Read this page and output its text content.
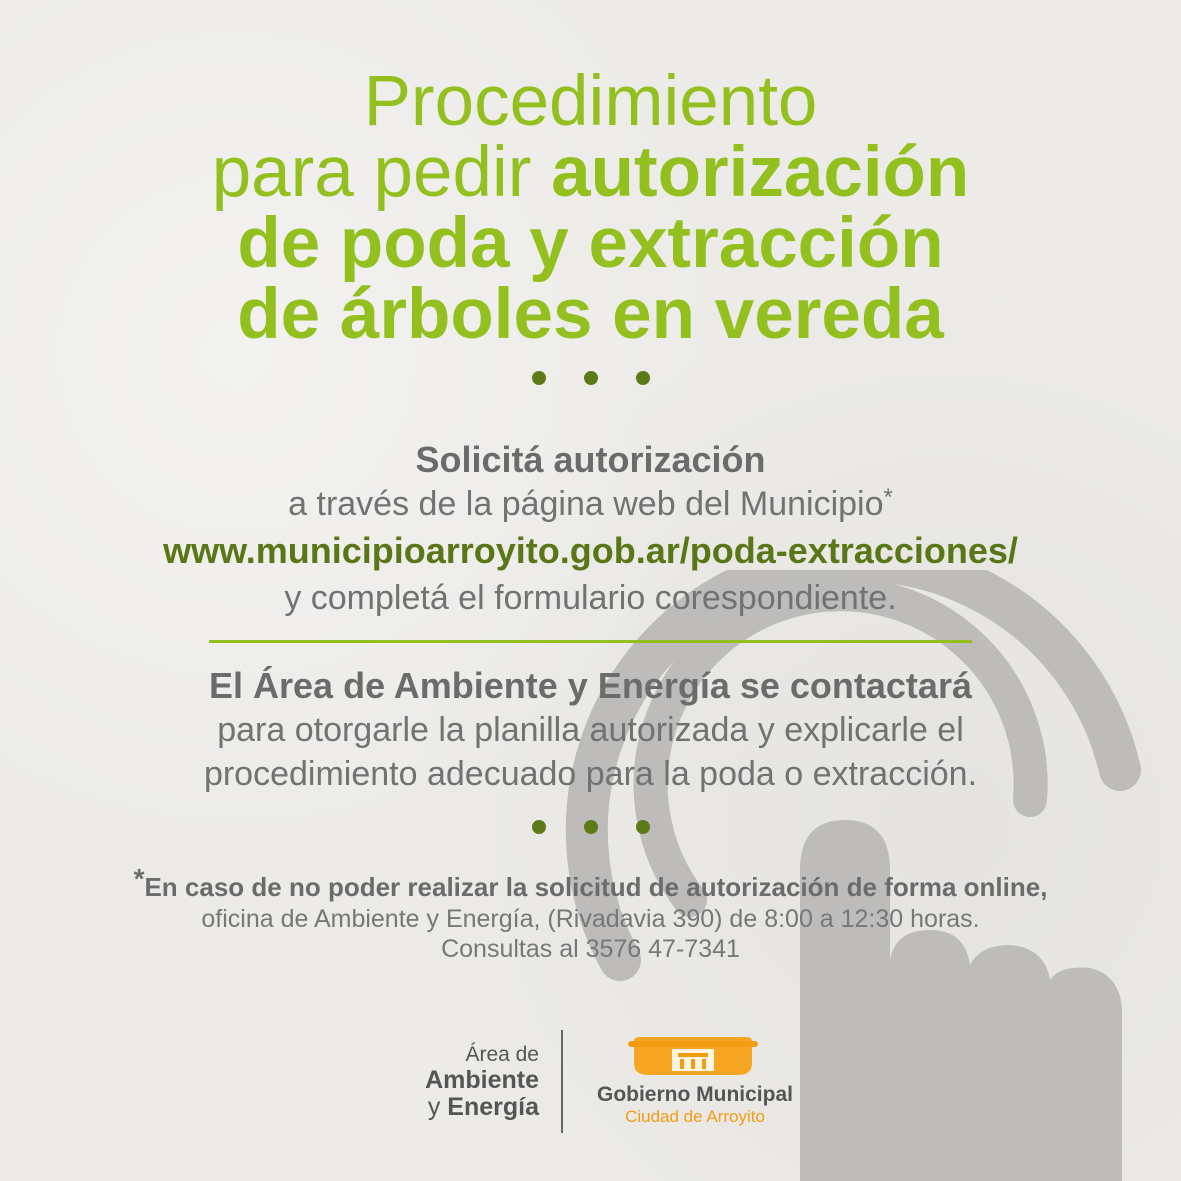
Procedimiento
para pedir autorización
de poda y extracción
de árboles en vereda
Solicitá autorización
a través de la página web del Municipio*
www.municipioarroyito.gob.ar/poda-extracciones/
y completá el formulario corespondiente.
El Área de Ambiente y Energía se contactará
para otorgarle la planilla autorizada y explicarle el
procedimiento adecuado para la poda o extracción.
*En caso de no poder realizar la solicitud de autorización de forma online,
oficina de Ambiente y Energía, (Rivadavia 390) de 8:00 a 12:30 horas.
Consultas al 3576 47-7341
Área de
Ambiente
y Energía	Gobierno Municipal
Ciudad de Arroyito
